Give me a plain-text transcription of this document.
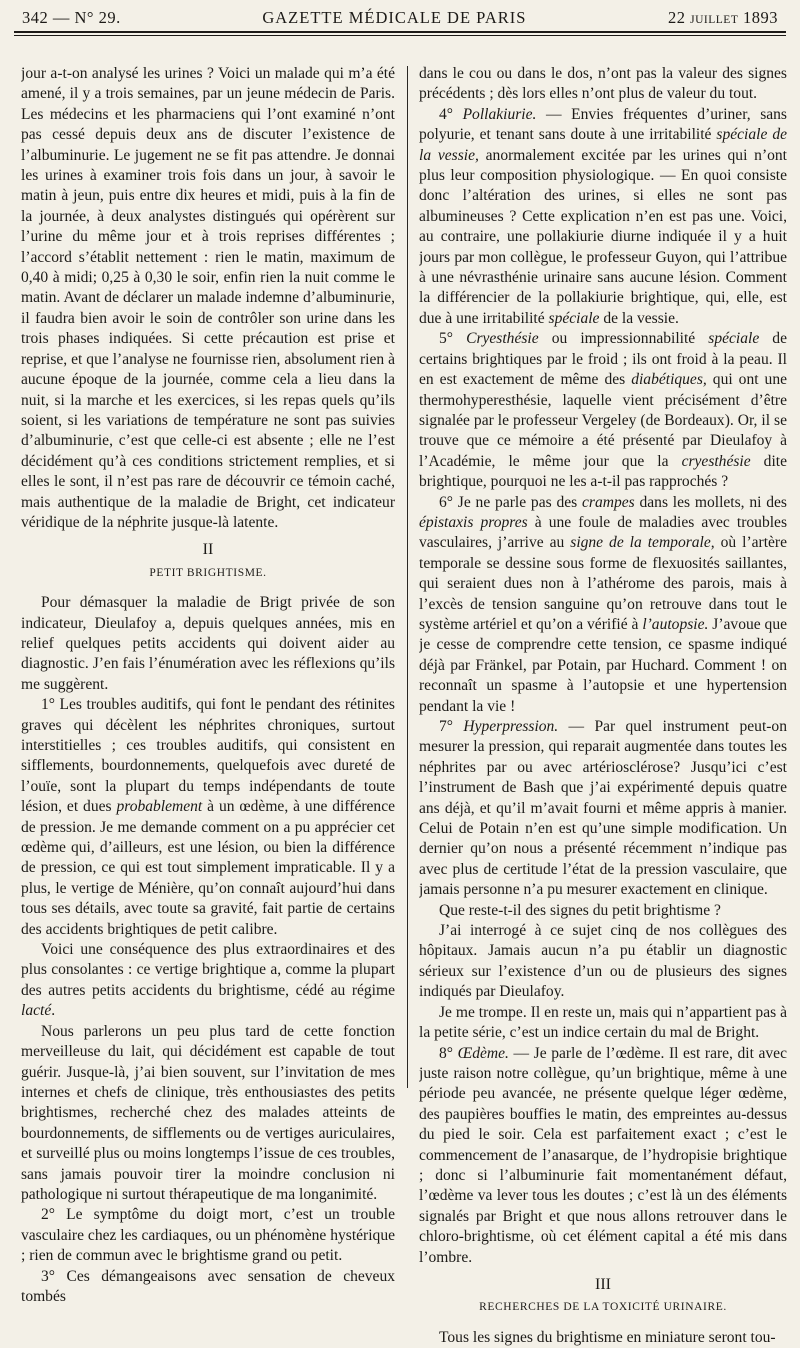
342 — N° 29.	GAZETTE MÉDICALE DE PARIS	22 JUILLET 1893

jour a-t-on analysé les urines ? Voici un malade qui m’a été amené, il y a trois semaines, par un jeune médecin de Paris. Les médecins et les pharmaciens qui l’ont examiné n’ont pas cessé depuis deux ans de discuter l’existence de l’albuminurie. Le jugement ne se fit pas attendre. Je donnai les urines à examiner trois fois dans un jour, à savoir le matin à jeun, puis entre dix heures et midi, puis à la fin de la journée, à deux analystes distingués qui opérèrent sur l’urine du même jour et à trois reprises différentes ; l’accord s’établit nettement : rien le matin, maximum de 0,40 à midi; 0,25 à 0,30 le soir, enfin rien la nuit comme le matin. Avant de déclarer un malade indemne d’albuminurie, il faudra bien avoir le soin de contrôler son urine dans les trois phases indiquées. Si cette précaution est prise et reprise, et que l’analyse ne fournisse rien, absolument rien à aucune époque de la journée, comme cela a lieu dans la nuit, si la marche et les exercices, si les repas quels qu’ils soient, si les variations de température ne sont pas suivies d’albuminurie, c’est que celle-ci est absente ; elle ne l’est décidément qu’à ces conditions strictement remplies, et si elles le sont, il n’est pas rare de découvrir ce témoin caché, mais authentique de la maladie de Bright, cet indicateur véridique de la néphrite jusque-là latente.

II
PETIT BRIGHTISME.

Pour démasquer la maladie de Brigt privée de son indicateur, Dieulafoy a, depuis quelques années, mis en relief quelques petits accidents qui doivent aider au diagnostic. J’en fais l’énumération avec les réflexions qu’ils me suggèrent.

1° Les troubles auditifs, qui font le pendant des rétinites graves qui décèlent les néphrites chroniques, surtout interstitielles ; ces troubles auditifs, qui consistent en sifflements, bourdonnements, quelquefois avec dureté de l’ouïe, sont la plupart du temps indépendants de toute lésion, et dues probablement à un œdème, à une différence de pression. Je me demande comment on a pu apprécier cet œdème qui, d’ailleurs, est une lésion, ou bien la différence de pression, ce qui est tout simplement impraticable. Il y a plus, le vertige de Ménière, qu’on connaît aujourd’hui dans tous ses détails, avec toute sa gravité, fait partie de certains des accidents brightiques de petit calibre.

Voici une conséquence des plus extraordinaires et des plus consolantes : ce vertige brightique a, comme la plupart des autres petits accidents du brightisme, cédé au régime lacté.

Nous parlerons un peu plus tard de cette fonction merveilleuse du lait, qui décidément est capable de tout guérir. Jusque-là, j’ai bien souvent, sur l’invitation de mes internes et chefs de clinique, très enthousiastes des petits brightismes, recherché chez des malades atteints de bourdonnements, de sifflements ou de vertiges auriculaires, et surveillé plus ou moins longtemps l’issue de ces troubles, sans jamais pouvoir tirer la moindre conclusion ni pathologique ni surtout thérapeutique de ma longanimité.

2° Le symptôme du doigt mort, c’est un trouble vasculaire chez les cardiaques, ou un phénomène hystérique ; rien de commun avec le brightisme grand ou petit.

3° Ces démangeaisons avec sensation de cheveux tombés

dans le cou ou dans le dos, n’ont pas la valeur des signes précédents ; dès lors elles n’ont plus de valeur du tout.

4° Pollakiurie. — Envies fréquentes d’uriner, sans polyurie, et tenant sans doute à une irritabilité spéciale de la vessie, anormalement excitée par les urines qui n’ont plus leur composition physiologique. — En quoi consiste donc l’altération des urines, si elles ne sont pas albumineuses ? Cette explication n’en est pas une. Voici, au contraire, une pollakiurie diurne indiquée il y a huit jours par mon collègue, le professeur Guyon, qui l’attribue à une névrasthénie urinaire sans aucune lésion. Comment la différencier de la pollakiurie brightique, qui, elle, est due à une irritabilité spéciale de la vessie.

5° Cryesthésie ou impressionnabilité spéciale de certains brightiques par le froid ; ils ont froid à la peau. Il en est exactement de même des diabétiques, qui ont une thermohyperesthésie, laquelle vient précisément d’être signalée par le professeur Vergeley (de Bordeaux). Or, il se trouve que ce mémoire a été présenté par Dieulafoy à l’Académie, le même jour que la cryesthésie dite brightique, pourquoi ne les a-t-il pas rapprochés ?

6° Je ne parle pas des crampes dans les mollets, ni des épistaxis propres à une foule de maladies avec troubles vasculaires, j’arrive au signe de la temporale, où l’artère temporale se dessine sous forme de flexuosités saillantes, qui seraient dues non à l’athérome des parois, mais à l’excès de tension sanguine qu’on retrouve dans tout le système artériel et qu’on a vérifié à l’autopsie. J’avoue que je cesse de comprendre cette tension, ce spasme indiqué déjà par Fränkel, par Potain, par Huchard. Comment ! on reconnaît un spasme à l’autopsie et une hypertension pendant la vie !

7° Hyperpression. — Par quel instrument peut-on mesurer la pression, qui reparait augmentée dans toutes les néphrites par ou avec artériosclérose? Jusqu’ici c’est l’instrument de Bash que j’ai expérimenté depuis quatre ans déjà, et qu’il m’avait fourni et même appris à manier. Celui de Potain n’en est qu’une simple modification. Un dernier qu’on nous a présenté récemment n’indique pas avec plus de certitude l’état de la pression vasculaire, que jamais personne n’a pu mesurer exactement en clinique.

Que reste-t-il des signes du petit brightisme ?

J’ai interrogé à ce sujet cinq de nos collègues des hôpitaux. Jamais aucun n’a pu établir un diagnostic sérieux sur l’existence d’un ou de plusieurs des signes indiqués par Dieulafoy.

Je me trompe. Il en reste un, mais qui n’appartient pas à la petite série, c’est un indice certain du mal de Bright.

8° Œdème. — Je parle de l’œdème. Il est rare, dit avec juste raison notre collègue, qu’un brightique, même à une période peu avancée, ne présente quelque léger œdème, des paupières bouffies le matin, des empreintes au-dessus du pied le soir. Cela est parfaitement exact ; c’est le commencement de l’anasarque, de l’hydropisie brightique ; donc si l’albuminurie fait momentanément défaut, l’œdème va lever tous les doutes ; c’est là un des éléments signalés par Bright et que nous allons retrouver dans le chloro-brightisme, où cet élément capital a été mis dans l’ombre.

III
RECHERCHES DE LA TOXICITÉ URINAIRE.

Tous les signes du brightisme en miniature seront tou-
